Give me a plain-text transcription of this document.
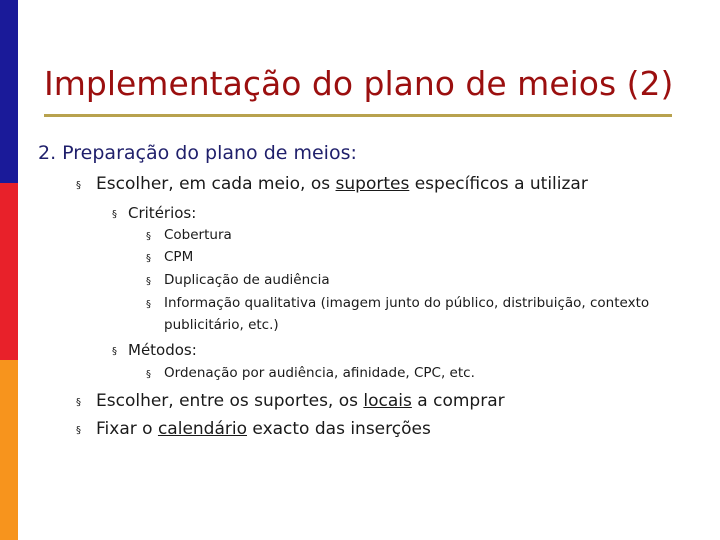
Implementação do plano de meios (2)
2. Preparação do plano de meios:
§ Escolher, em cada meio, os suportes específicos a utilizar
§ Critérios:
§ Cobertura
§ CPM
§ Duplicação de audiência
§ Informação qualitativa (imagem junto do público, distribuição, contexto
publicitário, etc.)
§ Métodos:
§ Ordenação por audiência, afinidade, CPC, etc.
§ Escolher, entre os suportes, os locais a comprar
§ Fixar o calendário exacto das inserções
